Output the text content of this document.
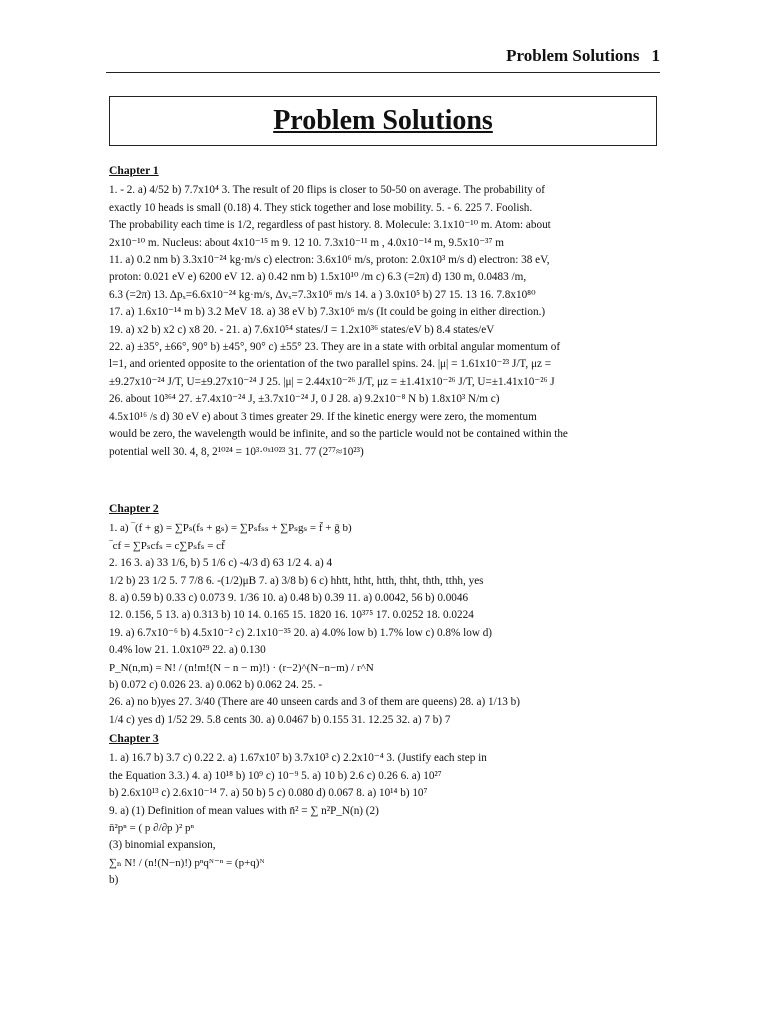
Problem Solutions 1
Problem Solutions
Chapter 1
1. - 2. a) 4/52 b) 7.7x10⁴ 3. The result of 20 flips is closer to 50-50 on average. The probability of
exactly 10 heads is small (0.18) 4. They stick together and lose mobility. 5. - 6. 225 7. Foolish.
The probability each time is 1/2, regardless of past history. 8. Molecule: 3.1x10⁻¹⁰ m. Atom: about
2x10⁻¹⁰ m. Nucleus: about 4x10⁻¹⁵ m 9. 12 10. 7.3x10⁻¹¹ m , 4.0x10⁻¹⁴ m, 9.5x10⁻³⁷ m
11. a) 0.2 nm b) 3.3x10⁻²⁴ kg·m/s c) electron: 3.6x10⁶ m/s, proton: 2.0x10³ m/s d) electron: 38 eV,
proton: 0.021 eV e) 6200 eV 12. a) 0.42 nm b) 1.5x10¹⁰ /m c) 6.3 (=2π) d) 130 m, 0.0483 /m,
6.3 (=2π) 13. Δpₓ=6.6x10⁻²⁴ kg·m/s, Δvₓ=7.3x10⁶ m/s 14. a ) 3.0x10⁵ b) 27 15. 13 16. 7.8x10⁸⁰
17. a) 1.6x10⁻¹⁴ m b) 3.2 MeV 18. a) 38 eV b) 7.3x10⁶ m/s (It could be going in either direction.)
19. a) x2 b) x2 c) x8 20. - 21. a) 7.6x10⁵⁴ states/J = 1.2x10³⁶ states/eV b) 8.4 states/eV
22. a) ±35°, ±66°, 90° b) ±45°, 90° c) ±55° 23. They are in a state with orbital angular momentum of
l=1, and oriented opposite to the orientation of the two parallel spins. 24. |μ| = 1.61x10⁻²³ J/T, μz =
±9.27x10⁻²⁴ J/T, U=±9.27x10⁻²⁴ J 25. |μ| = 2.44x10⁻²⁶ J/T, μz = ±1.41x10⁻²⁶ J/T, U=±1.41x10⁻²⁶ J
26. about 10³⁶⁴ 27. ±7.4x10⁻²⁴ J, ±3.7x10⁻²⁴ J, 0 J 28. a) 9.2x10⁻⁸ N b) 1.8x10³ N/m c)
4.5x10¹⁶ /s d) 30 eV e) about 3 times greater 29. If the kinetic energy were zero, the momentum
would be zero, the wavelength would be infinite, and so the particle would not be contained within the
potential well 30. 4, 8, 2¹⁰²⁴ = 10³·⁰ˣ¹⁰²³ 31. 77 (2⁷⁷≈10²³)
Chapter 2
1. a) ‾(f + g) = ∑Pₛ(fₛ + gₛ) = ∑Pₛfₛₛ + ∑Pₛgₛ = f̄ + ḡ b)
‾cf = ∑Pₛcfₛ = c∑Pₛfₛ = cf̄
2. 16 3. a) 33 1/6, b) 5 1/6 c) -4/3 d) 63 1/2 4. a) 4
1/2 b) 23 1/2 5. 7 7/8 6. -(1/2)μB 7. a) 3/8 b) 6 c) hhtt, htht, htth, thht, thth, tthh, yes
8. a) 0.59 b) 0.33 c) 0.073 9. 1/36 10. a) 0.48 b) 0.39 11. a) 0.0042, 56 b) 0.0046
12. 0.156, 5 13. a) 0.313 b) 10 14. 0.165 15. 1820 16. 10³⁷⁵ 17. 0.0252 18. 0.0224
19. a) 6.7x10⁻⁶ b) 4.5x10⁻² c) 2.1x10⁻³⁵ 20. a) 4.0% low b) 1.7% low c) 0.8% low d)
0.4% low 21. 1.0x10²⁹ 22. a) 0.130
P_N(n,m) = N! / (n!m!(N − n − m)!) · (r−2)^(N−n−m) / r^N
b) 0.072 c) 0.026 23. a) 0.062 b) 0.062 24. 25. -
26. a) no b)yes 27. 3/40 (There are 40 unseen cards and 3 of them are queens) 28. a) 1/13 b)
1/4 c) yes d) 1/52 29. 5.8 cents 30. a) 0.0467 b) 0.155 31. 12.25 32. a) 7 b) 7
Chapter 3
1. a) 16.7 b) 3.7 c) 0.22 2. a) 1.67x10⁷ b) 3.7x10³ c) 2.2x10⁻⁴ 3. (Justify each step in
the Equation 3.3.) 4. a) 10¹⁸ b) 10⁹ c) 10⁻⁹ 5. a) 10 b) 2.6 c) 0.26 6. a) 10²⁷
b) 2.6x10¹³ c) 2.6x10⁻¹⁴ 7. a) 50 b) 5 c) 0.080 d) 0.067 8. a) 10¹⁴ b) 10⁷
9. a) (1) Definition of mean values with n̄² = ∑ n²P_N(n) (2)
n̄²pⁿ = ( p ∂/∂p )² pⁿ
(3) binomial expansion,
∑ₙ N! / (n!(N−n)!) pⁿqᴺ⁻ⁿ = (p+q)ᴺ
b)
